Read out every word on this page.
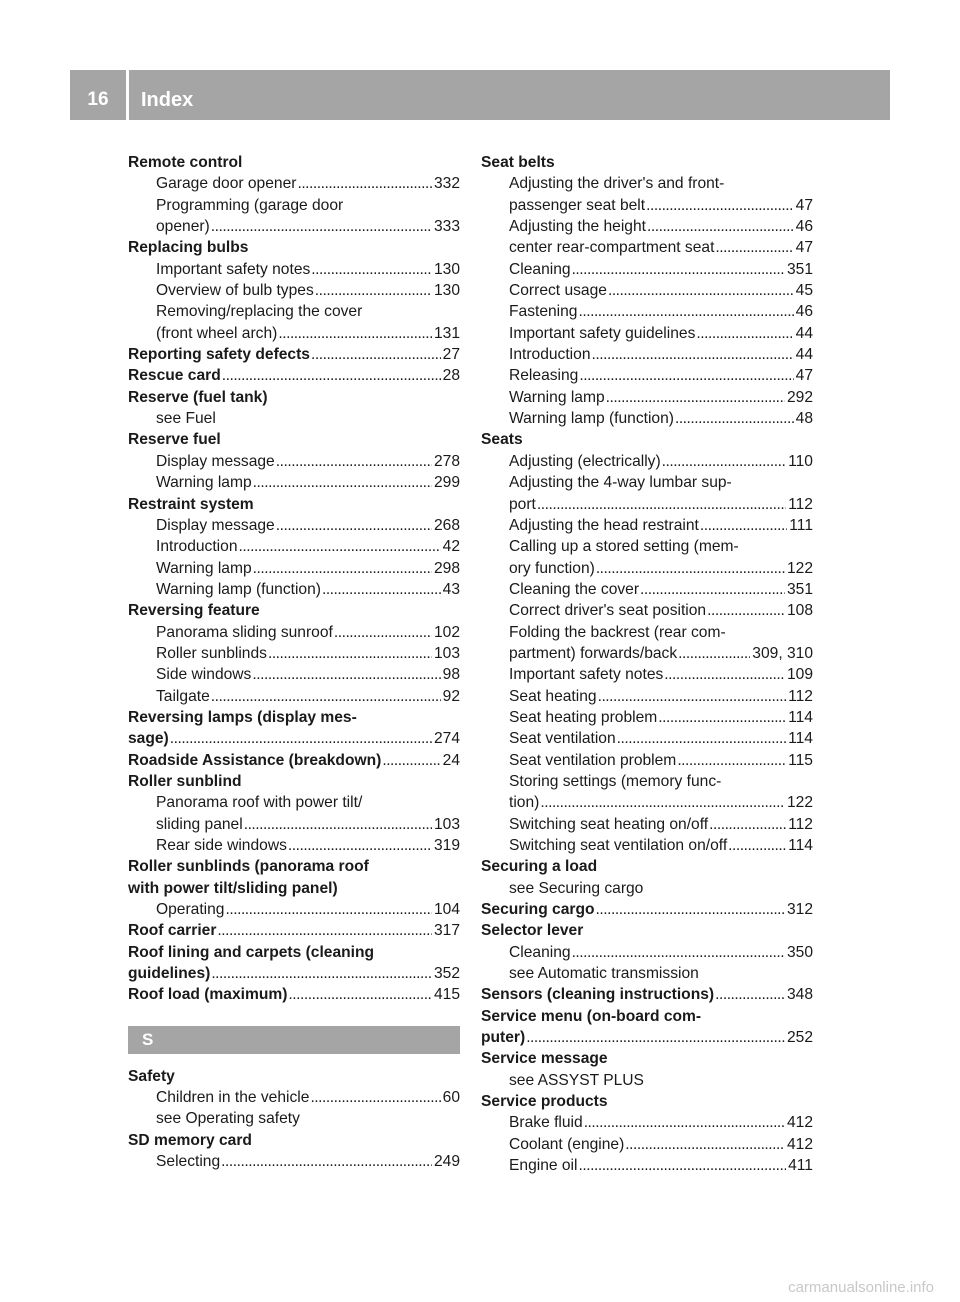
16	Index
Remote control
Garage door opener . . .	332
Programming (garage door
opener) . . .	333
Replacing bulbs
Important safety notes . . .	130
Overview of bulb types . . .	130
Removing/replacing the cover
(front wheel arch) . . .	131
Reporting safety defects . . .	27
Rescue card . . .	28
Reserve (fuel tank)
see Fuel
Reserve fuel
Display message . . .	278
Warning lamp . . .	299
Restraint system
Display message . . .	268
Introduction . . .	42
Warning lamp . . .	298
Warning lamp (function) . . .	43
Reversing feature
Panorama sliding sunroof . . .	102
Roller sunblinds . . .	103
Side windows . . .	98
Tailgate . . .	92
Reversing lamps (display mes-
sage) . . .	274
Roadside Assistance (breakdown) . . .	24
Roller sunblind
Panorama roof with power tilt/
sliding panel . . .	103
Rear side windows . . .	319
Roller sunblinds (panorama roof
with power tilt/sliding panel)
Operating . . .	104
Roof carrier . . .	317
Roof lining and carpets (cleaning
guidelines) . . .	352
Roof load (maximum) . . .	415
S
Safety
Children in the vehicle . . .	60
see Operating safety
SD memory card
Selecting . . .	249
Seat belts
Adjusting the driver's and front-
passenger seat belt . . .	47
Adjusting the height . . .	46
center rear-compartment seat . . .	47
Cleaning . . .	351
Correct usage . . .	45
Fastening . . .	46
Important safety guidelines . . .	44
Introduction . . .	44
Releasing . . .	47
Warning lamp . . .	292
Warning lamp (function) . . .	48
Seats
Adjusting (electrically) . . .	110
Adjusting the 4-way lumbar sup-
port . . .	112
Adjusting the head restraint . . .	111
Calling up a stored setting (mem-
ory function) . . .	122
Cleaning the cover . . .	351
Correct driver's seat position . . .	108
Folding the backrest (rear com-
partment) forwards/back . . .	309, 310
Important safety notes . . .	109
Seat heating . . .	112
Seat heating problem . . .	114
Seat ventilation . . .	114
Seat ventilation problem . . .	115
Storing settings (memory func-
tion) . . .	122
Switching seat heating on/off . . .	112
Switching seat ventilation on/off . . .	114
Securing a load
see Securing cargo
Securing cargo . . .	312
Selector lever
Cleaning . . .	350
see Automatic transmission
Sensors (cleaning instructions) . . .	348
Service menu (on-board com-
puter) . . .	252
Service message
see ASSYST PLUS
Service products
Brake fluid . . .	412
Coolant (engine) . . .	412
Engine oil . . .	411
carmanualsonline.info
